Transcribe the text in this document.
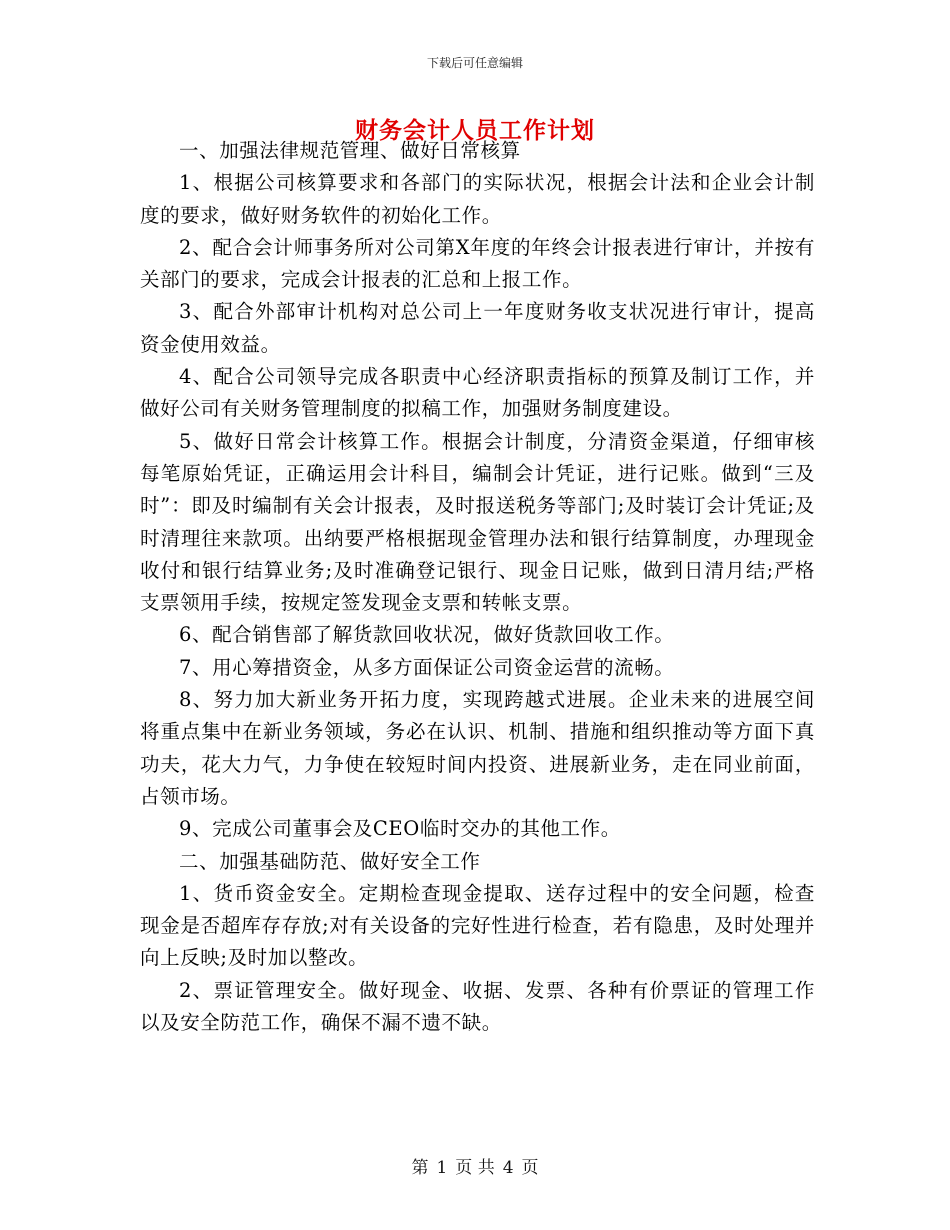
下载后可任意编辑
财务会计人员工作计划

一、加强法律规范管理、做好日常核算

1、根据公司核算要求和各部门的实际状况，根据会计法和企业会计制度的要求，做好财务软件的初始化工作。

2、配合会计师事务所对公司第X年度的年终会计报表进行审计，并按有关部门的要求，完成会计报表的汇总和上报工作。

3、配合外部审计机构对总公司上一年度财务收支状况进行审计，提高资金使用效益。

4、配合公司领导完成各职责中心经济职责指标的预算及制订工作，并做好公司有关财务管理制度的拟稿工作，加强财务制度建设。

5、做好日常会计核算工作。根据会计制度，分清资金渠道，仔细审核每笔原始凭证，正确运用会计科目，编制会计凭证，进行记账。做到“三及时”：即及时编制有关会计报表，及时报送税务等部门;及时装订会计凭证;及时清理往来款项。出纳要严格根据现金管理办法和银行结算制度，办理现金收付和银行结算业务;及时准确登记银行、现金日记账，做到日清月结;严格支票领用手续，按规定签发现金支票和转帐支票。

6、配合销售部了解货款回收状况，做好货款回收工作。

7、用心筹措资金，从多方面保证公司资金运营的流畅。

8、努力加大新业务开拓力度，实现跨越式进展。企业未来的进展空间将重点集中在新业务领域，务必在认识、机制、措施和组织推动等方面下真功夫，花大力气，力争使在较短时间内投资、进展新业务，走在同业前面，占领市场。

9、完成公司董事会及CEO临时交办的其他工作。

二、加强基础防范、做好安全工作

1、货币资金安全。定期检查现金提取、送存过程中的安全问题，检查现金是否超库存存放;对有关设备的完好性进行检查，若有隐患，及时处理并向上反映;及时加以整改。

2、票证管理安全。做好现金、收据、发票、各种有价票证的管理工作以及安全防范工作，确保不漏不遗不缺。

第 1 页 共 4 页
